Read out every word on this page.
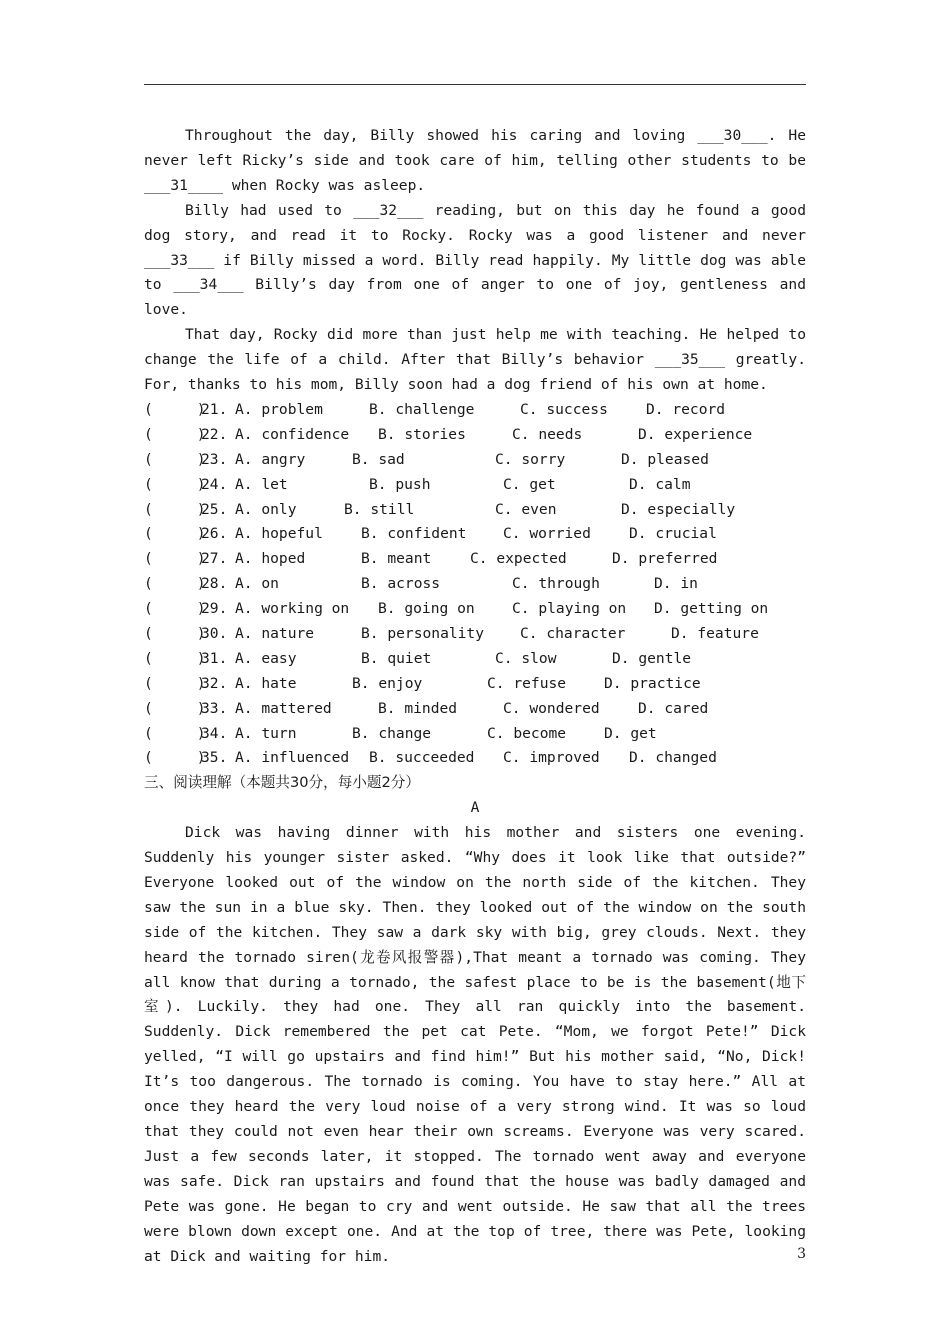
Throughout the day, Billy showed his caring and loving ___30___. He never left Ricky’s side and took care of him, telling other students to be ___31____ when Rocky was asleep.

Billy had used to ___32___ reading, but on this day he found a good dog story, and read it to Rocky. Rocky was a good listener and never ___33___ if Billy missed a word. Billy read happily. My little dog was able to ___34___ Billy’s day from one of anger to one of joy, gentleness and love.

That day, Rocky did more than just help me with teaching. He helped to change the life of a child. After that Billy’s behavior ___35___ greatly. For, thanks to his mom, Billy soon had a dog friend of his own at home.

(     )

21.

A. problem

	B. challenge

	C. success

	D. record

(     )

22.

A. confidence

B. stories

	C. needs

	D. experience

(     )

23.

A. angry

	B. sad

	C. sorry

	D. pleased

(     )

24.

A. let

	B. push

	C. get

	D. calm

(     )

25.

A. only

	B. still

	C. even

	D. especially

(     )

26.

A. hopeful

	B. confident

	C. worried

	D. crucial

(     )

27.

A. hoped

	B. meant

	C. expected

	D. preferred

(     )

28.

A. on

	B. across

	C. through

	D. in

(     )

29.

A. working on

B. going on

	C. playing on

D. getting on

(     )

30.

A. nature

	B. personality

C. character

	D. feature

(     )

31.

A. easy

	B. quiet

	C. slow

	D. gentle

(     )

32.

A. hate

	B. enjoy

	C. refuse

	D. practice

(     )

33.

A. mattered

	B. minded

	C. wondered

	D. cared

(     )

34.

A. turn

	B. change

	C. become

	D. get

(     )

35.

A. influenced

B. succeeded

C. improved

D. changed

三、阅读理解（本题共30分，每小题2分）
A

Dick was having dinner with his mother and sisters one evening. Suddenly his younger sister asked. “Why does it look like that outside?” Everyone looked out of the window on the north side of the kitchen. They saw the sun in a blue sky. Then. they looked out of the window on the south side of the kitchen. They saw a dark sky with big, grey clouds. Next. they heard the tornado siren(龙卷风报警器),That meant a tornado was coming. They all know that during a tornado, the safest place to be is the basement(地下室). Luckily. they had one. They all ran quickly into the basement. Suddenly. Dick remembered the pet cat Pete. “Mom, we forgot Pete!” Dick yelled, “I will go upstairs and find him!” But his mother said, “No, Dick! It’s too dangerous. The tornado is coming. You have to stay here.” All at once they heard the very loud noise of a very strong wind. It was so loud that they could not even hear their own screams. Everyone was very scared. Just a few seconds later, it stopped. The tornado went away and everyone was safe. Dick ran upstairs and found that the house was badly damaged and Pete was gone. He began to cry and went outside. He saw that all the trees were blown down except one. And at the top of tree, there was Pete, looking at Dick and waiting for him.	3
